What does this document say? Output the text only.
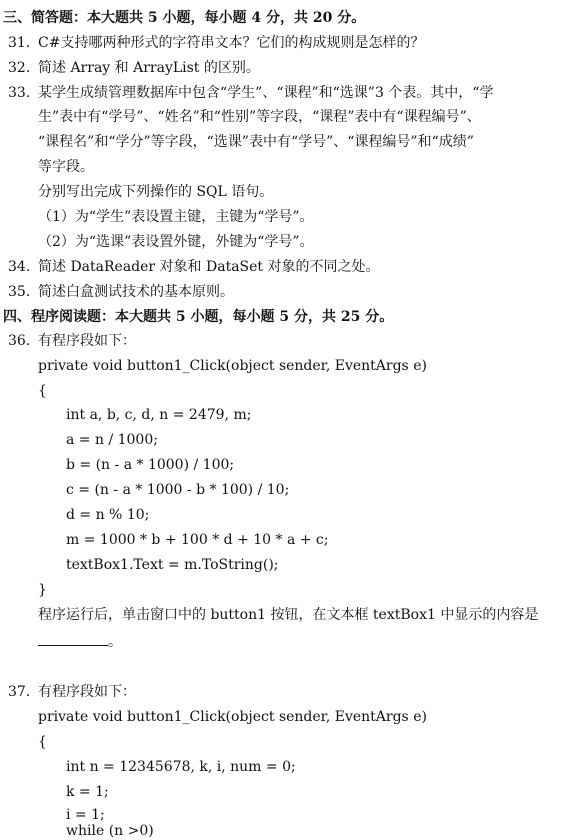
三、简答题：本大题共 5 小题，每小题 4 分，共 20 分。
31. C#支持哪两种形式的字符串文本？它们的构成规则是怎样的？
32. 简述 Array 和 ArrayList 的区别。
33. 某学生成绩管理数据库中包含“学生”、“课程”和“选课”3 个表。其中，“学
生”表中有“学号”、“姓名”和“性别”等字段，“课程”表中有“课程编号”、
“课程名”和“学分”等字段，“选课”表中有“学号”、“课程编号”和“成绩”
等字段。
分别写出完成下列操作的 SQL 语句。
（1）为“学生”表设置主键，主键为“学号”。
（2）为“选课”表设置外键，外键为“学号”。
34. 简述 DataReader 对象和 DataSet 对象的不同之处。
35. 简述白盒测试技术的基本原则。
四、程序阅读题：本大题共 5 小题，每小题 5 分，共 25 分。
36. 有程序段如下：
private void button1_Click(object sender, EventArgs e)
{
int a, b, c, d, n = 2479, m;
a = n / 1000;
b = (n - a * 1000) / 100;
c = (n - a * 1000 - b * 100) / 10;
d = n % 10;
m = 1000 * b + 100 * d + 10 * a + c;
textBox1.Text = m.ToString();
}
程序运行后，单击窗口中的 button1 按钮，在文本框 textBox1 中显示的内容是
。
37. 有程序段如下：
private void button1_Click(object sender, EventArgs e)
{
int n = 12345678, k, i, num = 0;
k = 1;
i = 1;
while (n >0)
